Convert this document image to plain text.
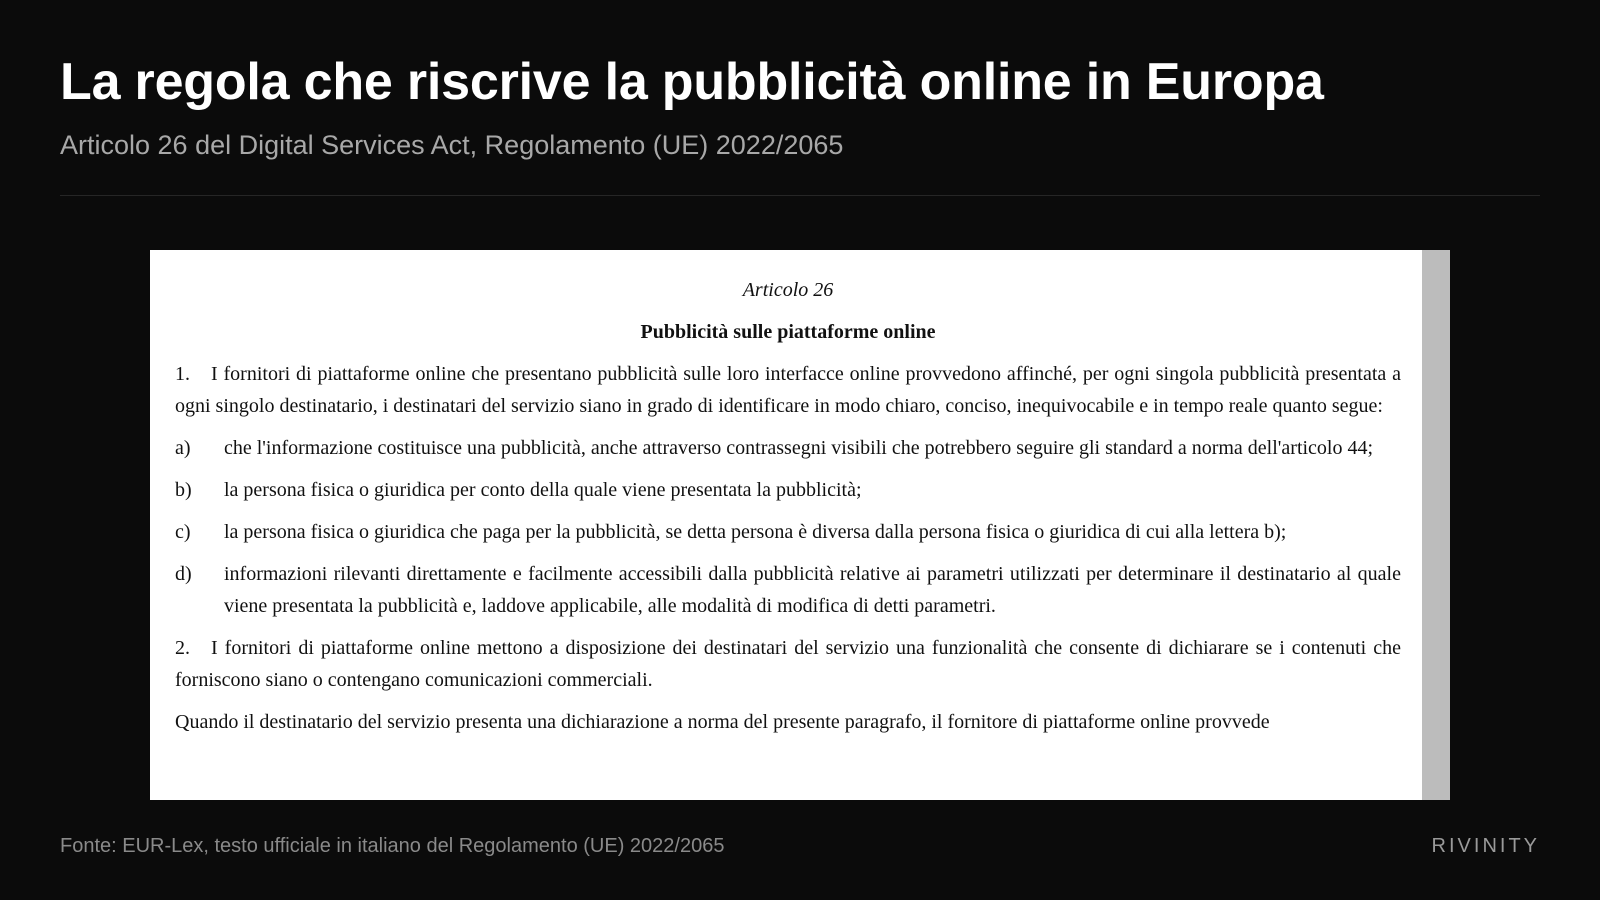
La regola che riscrive la pubblicità online in Europa
Articolo 26 del Digital Services Act, Regolamento (UE) 2022/2065
Articolo 26
Pubblicità sulle piattaforme online
1. I fornitori di piattaforme online che presentano pubblicità sulle loro interfacce online provvedono affinché, per ogni singola pubblicità presentata a ogni singolo destinatario, i destinatari del servizio siano in grado di identificare in modo chiaro, conciso, inequivocabile e in tempo reale quanto segue:
a)	che l'informazione costituisce una pubblicità, anche attraverso contrassegni visibili che potrebbero seguire gli standard a norma dell'articolo 44;
b)	la persona fisica o giuridica per conto della quale viene presentata la pubblicità;
c)	la persona fisica o giuridica che paga per la pubblicità, se detta persona è diversa dalla persona fisica o giuridica di cui alla lettera b);
d)	informazioni rilevanti direttamente e facilmente accessibili dalla pubblicità relative ai parametri utilizzati per determinare il destinatario al quale viene presentata la pubblicità e, laddove applicabile, alle modalità di modifica di detti parametri.
2. I fornitori di piattaforme online mettono a disposizione dei destinatari del servizio una funzionalità che consente di dichiarare se i contenuti che forniscono siano o contengano comunicazioni commerciali.
Quando il destinatario del servizio presenta una dichiarazione a norma del presente paragrafo, il fornitore di piattaforme online provvede
Fonte: EUR-Lex, testo ufficiale in italiano del Regolamento (UE) 2022/2065	RIVINITY
